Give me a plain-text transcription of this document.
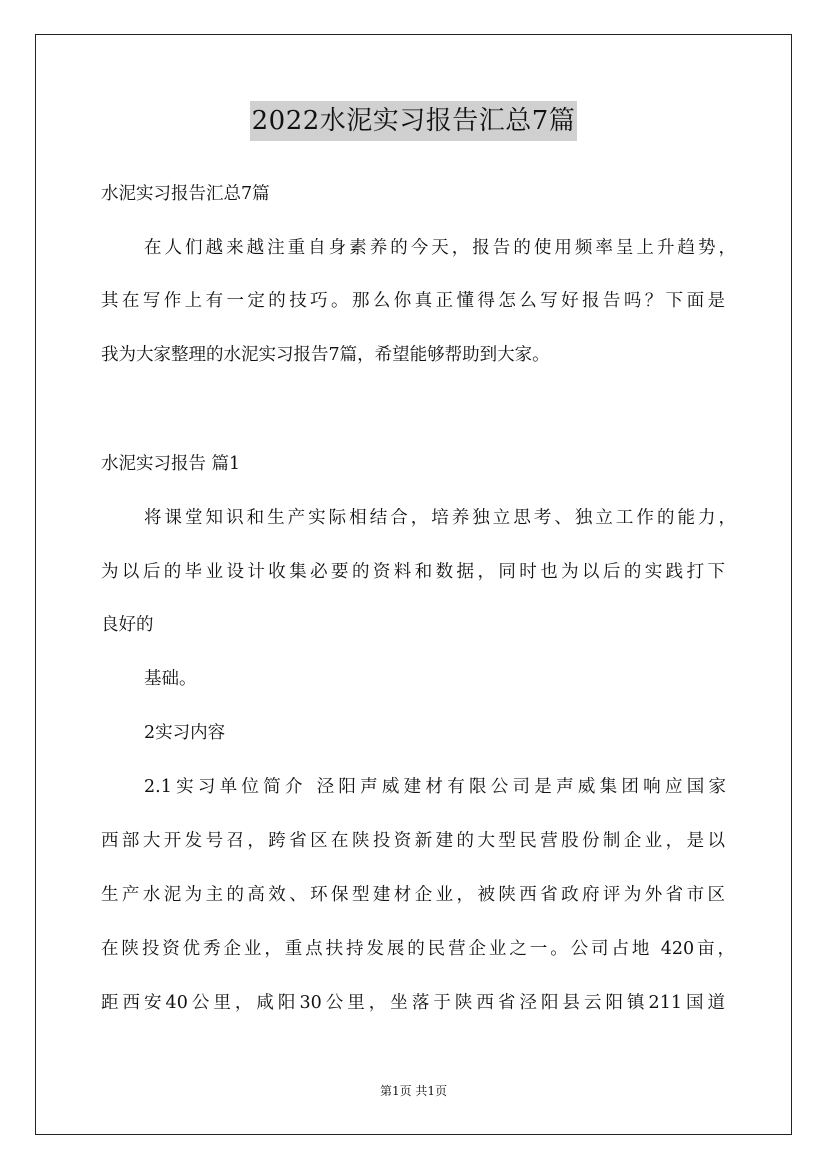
2022水泥实习报告汇总7篇
水泥实习报告汇总7篇
在人们越来越注重自身素养的今天，报告的使用频率呈上升趋势，
其在写作上有一定的技巧。那么你真正懂得怎么写好报告吗？下面是
我为大家整理的水泥实习报告7篇，希望能够帮助到大家。
水泥实习报告 篇1
将课堂知识和生产实际相结合，培养独立思考、独立工作的能力，
为以后的毕业设计收集必要的资料和数据，同时也为以后的实践打下
良好的
基础。
2实习内容
2.1实习单位简介 泾阳声威建材有限公司是声威集团响应国家
西部大开发号召，跨省区在陕投资新建的大型民营股份制企业，是以
生产水泥为主的高效、环保型建材企业，被陕西省政府评为外省市区
在陕投资优秀企业，重点扶持发展的民营企业之一。公司占地 420亩，
距西安40公里，咸阳30公里，坐落于陕西省泾阳县云阳镇211国道
第1页 共1页
